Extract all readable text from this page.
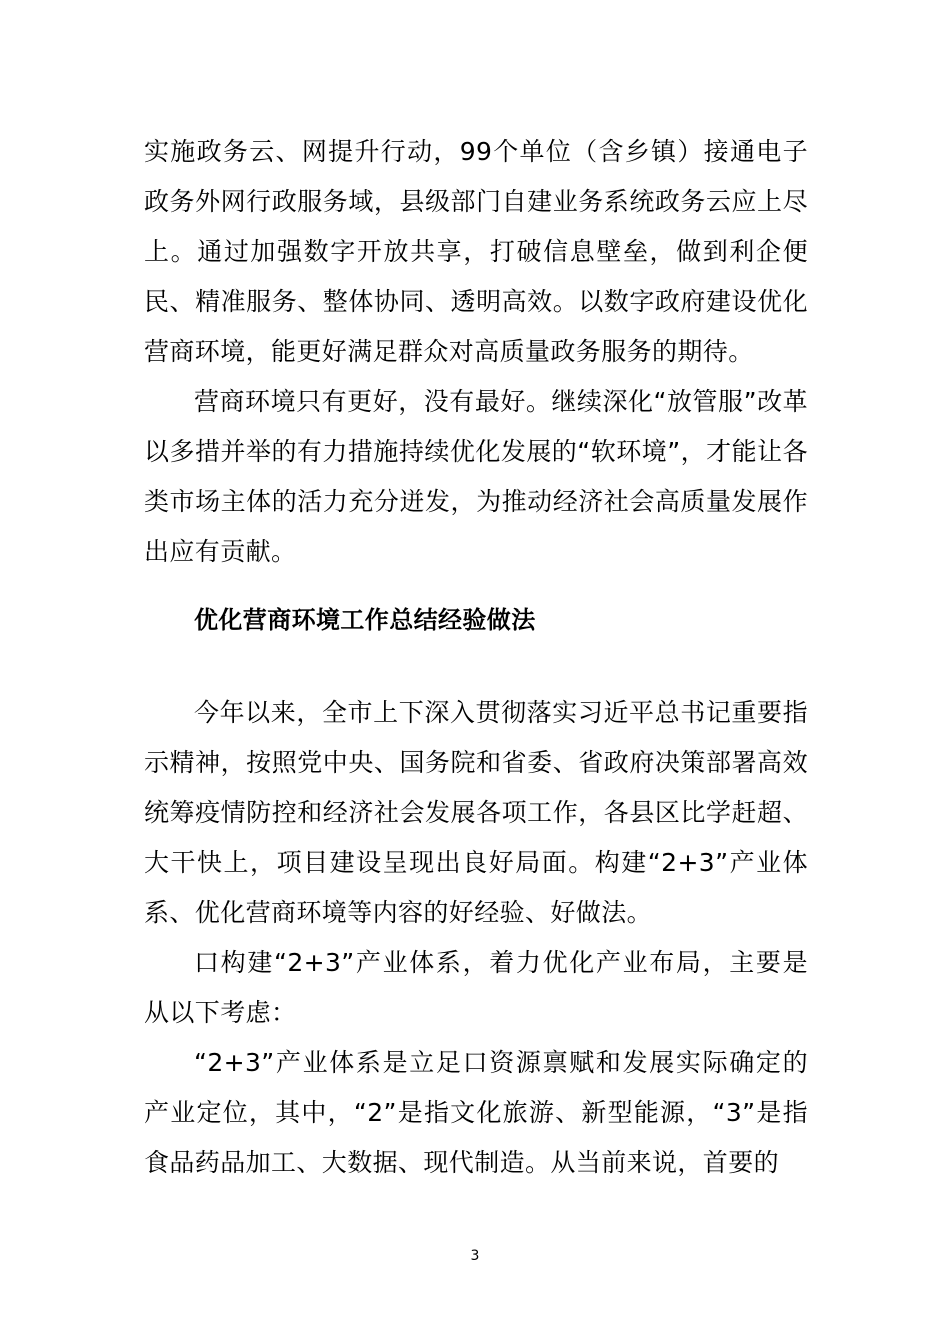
实施政务云、网提升行动，99个单位（含乡镇）接通电子政务外网行政服务域，县级部门自建业务系统政务云应上尽上。通过加强数字开放共享，打破信息壁垒，做到利企便民、精准服务、整体协同、透明高效。以数字政府建设优化营商环境，能更好满足群众对高质量政务服务的期待。

营商环境只有更好，没有最好。继续深化“放管服”改革以多措并举的有力措施持续优化发展的“软环境”，才能让各类市场主体的活力充分迸发，为推动经济社会高质量发展作出应有贡献。

优化营商环境工作总结经验做法

今年以来，全市上下深入贯彻落实习近平总书记重要指示精神，按照党中央、国务院和省委、省政府决策部署高效统筹疫情防控和经济社会发展各项工作，各县区比学赶超、大干快上，项目建设呈现出良好局面。构建“2+3”产业体系、优化营商环境等内容的好经验、好做法。

口构建“2+3”产业体系，着力优化产业布局，主要是从以下考虑：

“2+3”产业体系是立足口资源禀赋和发展实际确定的产业定位，其中，“2”是指文化旅游、新型能源，“3”是指食品药品加工、大数据、现代制造。从当前来说，首要的

3
